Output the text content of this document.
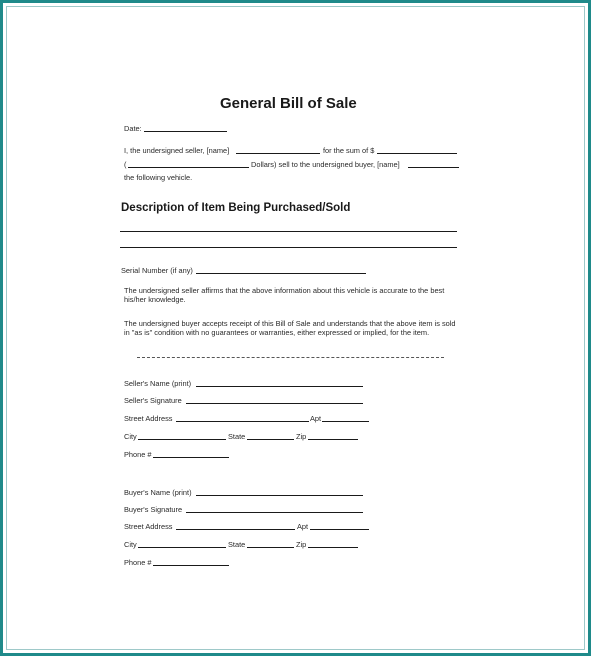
General Bill of Sale
Date:
I, the undersigned seller, [name]	for the sum of $
(	Dollars) sell to the undersigned buyer, [name]
the following vehicle.
Description of Item Being Purchased/Sold
Serial Number (if any)
The undersigned seller affirms that the above information about this vehicle is accurate to the best his/her knowledge.
The undersigned buyer accepts receipt of this Bill of Sale and understands that the above item is sold in "as is" condition with no guarantees or warranties, either expressed or implied, for the item.
Seller's Name (print)
Seller's Signature
Street Address	Apt
City	State	Zip
Phone #
Buyer's Name (print)
Buyer's Signature
Street Address	Apt
City	State	Zip
Phone #
